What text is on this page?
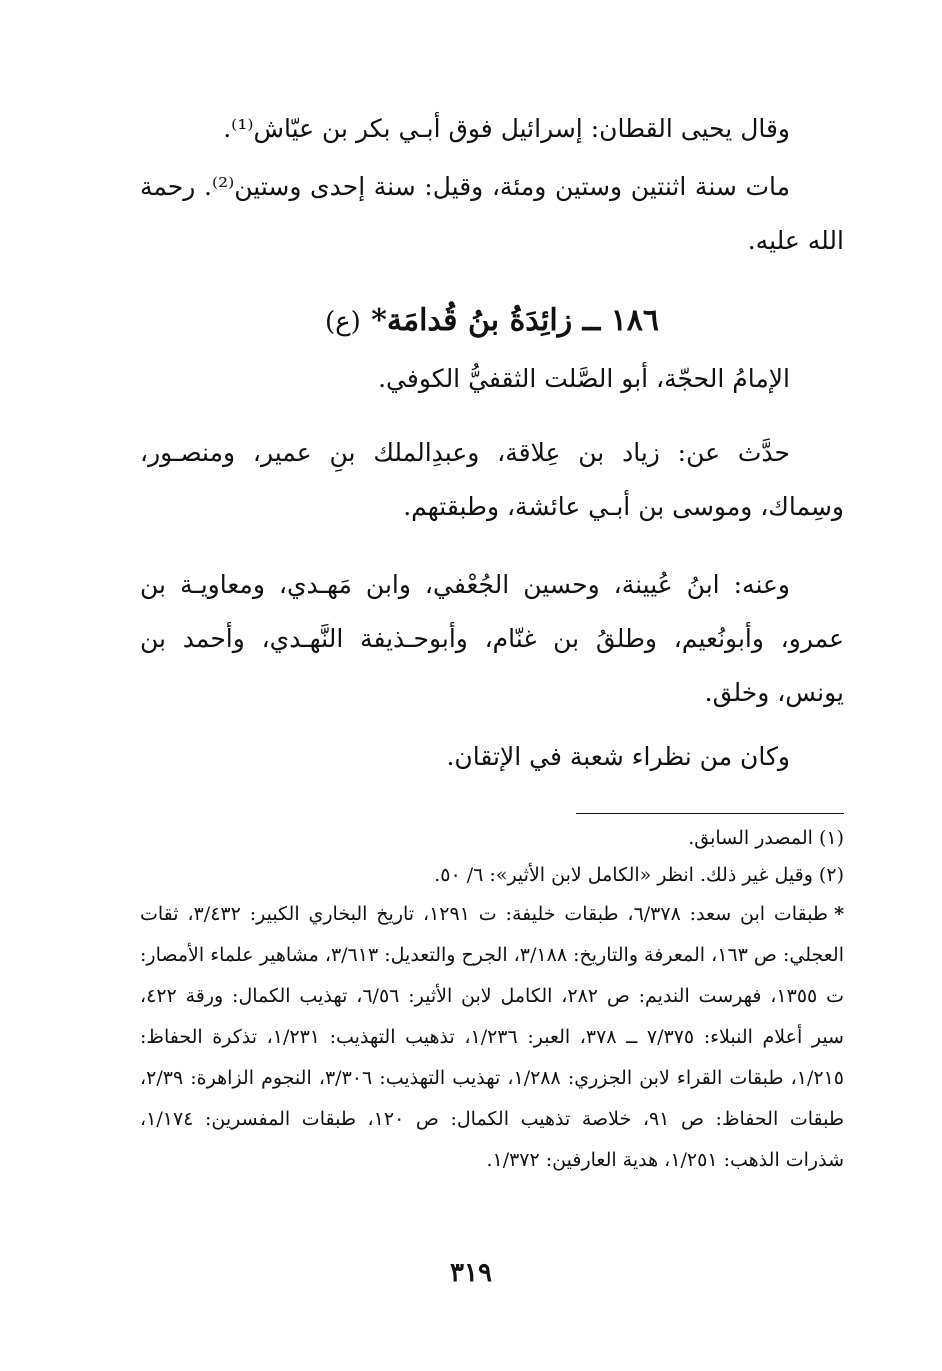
وقال يحيى القطان: إسرائيل فوق أبـي بكر بن عيّاش⁽¹⁾.

مات سنة اثنتين وستين ومئة، وقيل: سنة إحدى وستين⁽²⁾. رحمة الله عليه.

١٨٦ ــ زائِدَةُ بنُ قُدامَة* (ع)

الإمامُ الحجّة، أبو الصَّلت الثقفيُّ الكوفي.

حدَّث عن: زياد بن عِلاقة، وعبدِالملك بنِ عمير، ومنصـور، وسِماك، وموسى بن أبـي عائشة، وطبقتهم.

وعنه: ابنُ عُيينة، وحسين الجُعْفي، وابن مَهـدي، ومعاويـة بن عمرو، وأبونُعيم، وطلقُ بن غنّام، وأبوحـذيفة النَّهـدي، وأحمد بن يونس، وخلق.

وكان من نظراء شعبة في الإتقان.

(١) المصدر السابق.

(٢) وقيل غير ذلك. انظر «الكامل لابن الأثير»: ٦/ ٥٠.

*طبقات ابن سعد: ٦/٣٧٨، طبقات خليفة: ت ١٢٩١، تاريخ البخاري الكبير: ٣/٤٣٢، ثقات العجلي: ص ١٦٣، المعرفة والتاريخ: ٣/١٨٨، الجرح والتعديل: ٣/٦١٣، مشاهير علماء الأمصار: ت ١٣٥٥، فهرست النديم: ص ٢٨٢، الكامل لابن الأثير: ٦/٥٦، تهذيب الكمال: ورقة ٤٢٢، سير أعلام النبلاء: ٧/٣٧٥ ــ ٣٧٨، العبر: ١/٢٣٦، تذهيب التهذيب: ١/٢٣١، تذكرة الحفاظ: ١/٢١٥، طبقات القراء لابن الجزري: ١/٢٨٨، تهذيب التهذيب: ٣/٣٠٦، النجوم الزاهرة: ٢/٣٩، طبقات الحفاظ: ص ٩١، خلاصة تذهيب الكمال: ص ١٢٠، طبقات المفسرين: ١/١٧٤، شذرات الذهب: ١/٢٥١، هدية العارفين: ١/٣٧٢.

٣١٩
